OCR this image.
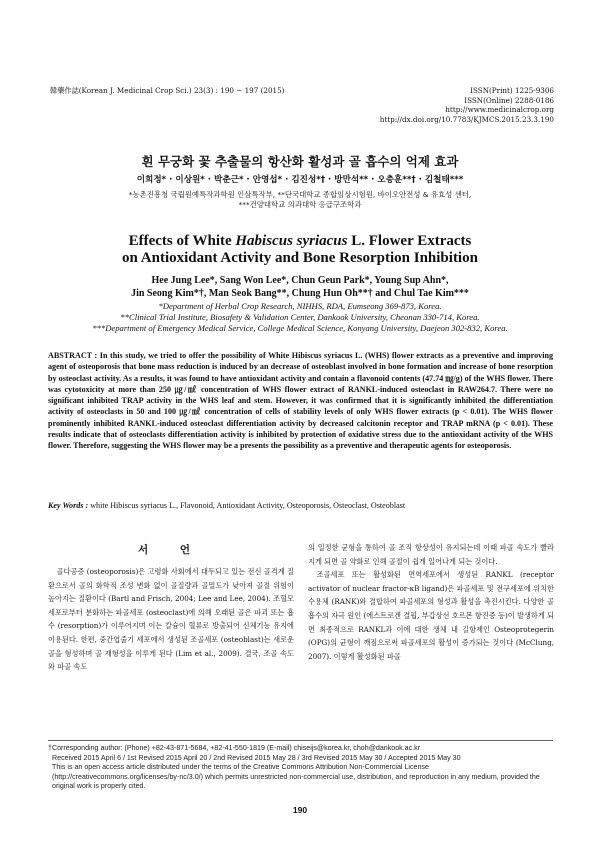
韓藥作誌(Korean J. Medicinal Crop Sci.) 23(3) : 190 − 197 (2015)	ISSN(Print) 1225-9306
ISSN(Online) 2288-0186
http://www.medicinalcrop.org
http://dx.doi.org/10.7783/KJMCS.2015.23.3.190
흰 무궁화 꽃 추출물의 항산화 활성과 골 흡수의 억제 효과
이희정* · 이상원* · 박춘근* · 안영섭* · 김진성*† · 방만석** · 오충훈**† · 김철태***
*농촌진흥청 국립원예특작과학원 인삼특작부, **단국대학교 종합임상시험원, 바이오안전성 & 유효성 센터,
***건양대학교 의과대학 응급구조학과
Effects of White Habiscus syriacus L. Flower Extracts
on Antioxidant Activity and Bone Resorption Inhibition
Hee Jung Lee*, Sang Won Lee*, Chun Geun Park*, Young Sup Ahn*,
Jin Seong Kim*†, Man Seok Bang**, Chung Hun Oh**† and Chul Tae Kim***
*Department of Herbal Crop Research, NIHHS, RDA, Eumseong 369-873, Korea.
**Clinical Trial Institute, Biosafety & Validation Center, Dankook University, Cheonan 330-714, Korea.
***Department of Emergency Medical Service, College Medical Science, Konyang University, Daejeon 302-832, Korea.
ABSTRACT : In this study, we tried to offer the possibility of White Hibiscus syriacus L. (WHS) flower extracts as a preventive and improving agent of osteoporosis that bone mass reduction is induced by an decrease of osteoblast involved in bone formation and increase of bone resorption by osteoclast activity. As a results, it was found to have antioxidant activity and contain a flavonoid contents (47.74 ㎎/g) of the WHS flower. There was cytotoxicity at more than 250 ㎍/㎖ concentration of WHS flower extract of RANKL-induced osteoclast in RAW264.7. There were no significant inhibited TRAP activity in the WHS leaf and stem. However, it was confirmed that it is significantly inhibited the differentiation activity of osteoclasts in 50 and 100 ㎍/㎖ concentration of cells of stability levels of only WHS flower extracts (p < 0.01). The WHS flower prominently inhibited RANKL-induced osteoclast differentiation activity by decreased calcitonin receptor and TRAP mRNA (p < 0.01). These results indicate that of osteoclasts differentiation activity is inhibited by protection of oxidative stress due to the antioxidant activity of the WHS flower. Therefore, suggesting the WHS flower may be a presents the possibility as a preventive and therapeutic agents for osteoporosis.
Key Words : white Hibiscus syriacus L., Flavonoid, Antioxidant Activity, Osteoporosis, Osteoclast, Osteoblast
서 언

골다공증 (osteoporosis)은 고령화 사회에서 대두되고 있는 전신 골격계 질환으로서 골의 화학적 조성 변화 없이 골질량과 골밀도가 낮아져 골절 위험이 높아지는 질환이다 (Bartl and Frisch, 2004; Lee and Lee, 2004). 조혈모세포로부터 분화하는 파골세포 (osteoclast)에 의해 오래된 골은 파괴 또는 흡수 (resorption)가 이루어지며 이는 칼슘이 혈류로 방출되어 신체기능 유지에 이용된다. 한편, 중간엽줄기 세포에서 생성된 조골세포 (osteoblast)는 새로운 골을 형성하며 골 재형성을 이루게 된다 (Lim et al., 2009). 결국, 조골 속도와 파골 속도

의 일정한 균형을 통하여 골 조직 항상성이 유지되는데 이때 파골 속도가 빨라지게 되면 골 약화로 인해 골절이 쉽게 일어나게 되는 것이다.

조골세포 또는 활성화된 면역세포에서 생성된 RANKL (receptor activator of nuclear fractor-κB ligand)은 파골세포 및 전구세포에 위치한 수용체 (RANK)와 결합하여 파골세포의 형성과 활성을 촉진시킨다. 다양한 골 흡수의 자극 원인 (에스트로겐 결핍, 부갑상선 호르몬 항진증 등)이 발생하게 되면 최종적으로 RANKL과 이에 대한 생체 내 길항제인 Osteoprotegerin (OPG)의 균형이 깨짐으로써 파골세포의 활성이 증가되는 것이다 (McClung, 2007). 이렇게 활성화된 파골

†Corresponding author: (Phone) +82-43-871-5684, +82-41-550-1819 (E-mail) chiseijs@korea.kr, choh@dankook.ac.kr
Received 2015 April 6 / 1st Revised 2015 April 20 / 2nd Revised 2015 May 28 / 3rd Revised 2015 May 30 / Accepted 2015 May 30
This is an open access article distributed under the terms of the Creative Commons Attribution Non-Commercial License (http://creativecommons.org/licenses/by-nc/3.0/) which permits unrestricted non-commercial use, distribution, and reproduction in any medium, provided the original work is properly cited.
190
